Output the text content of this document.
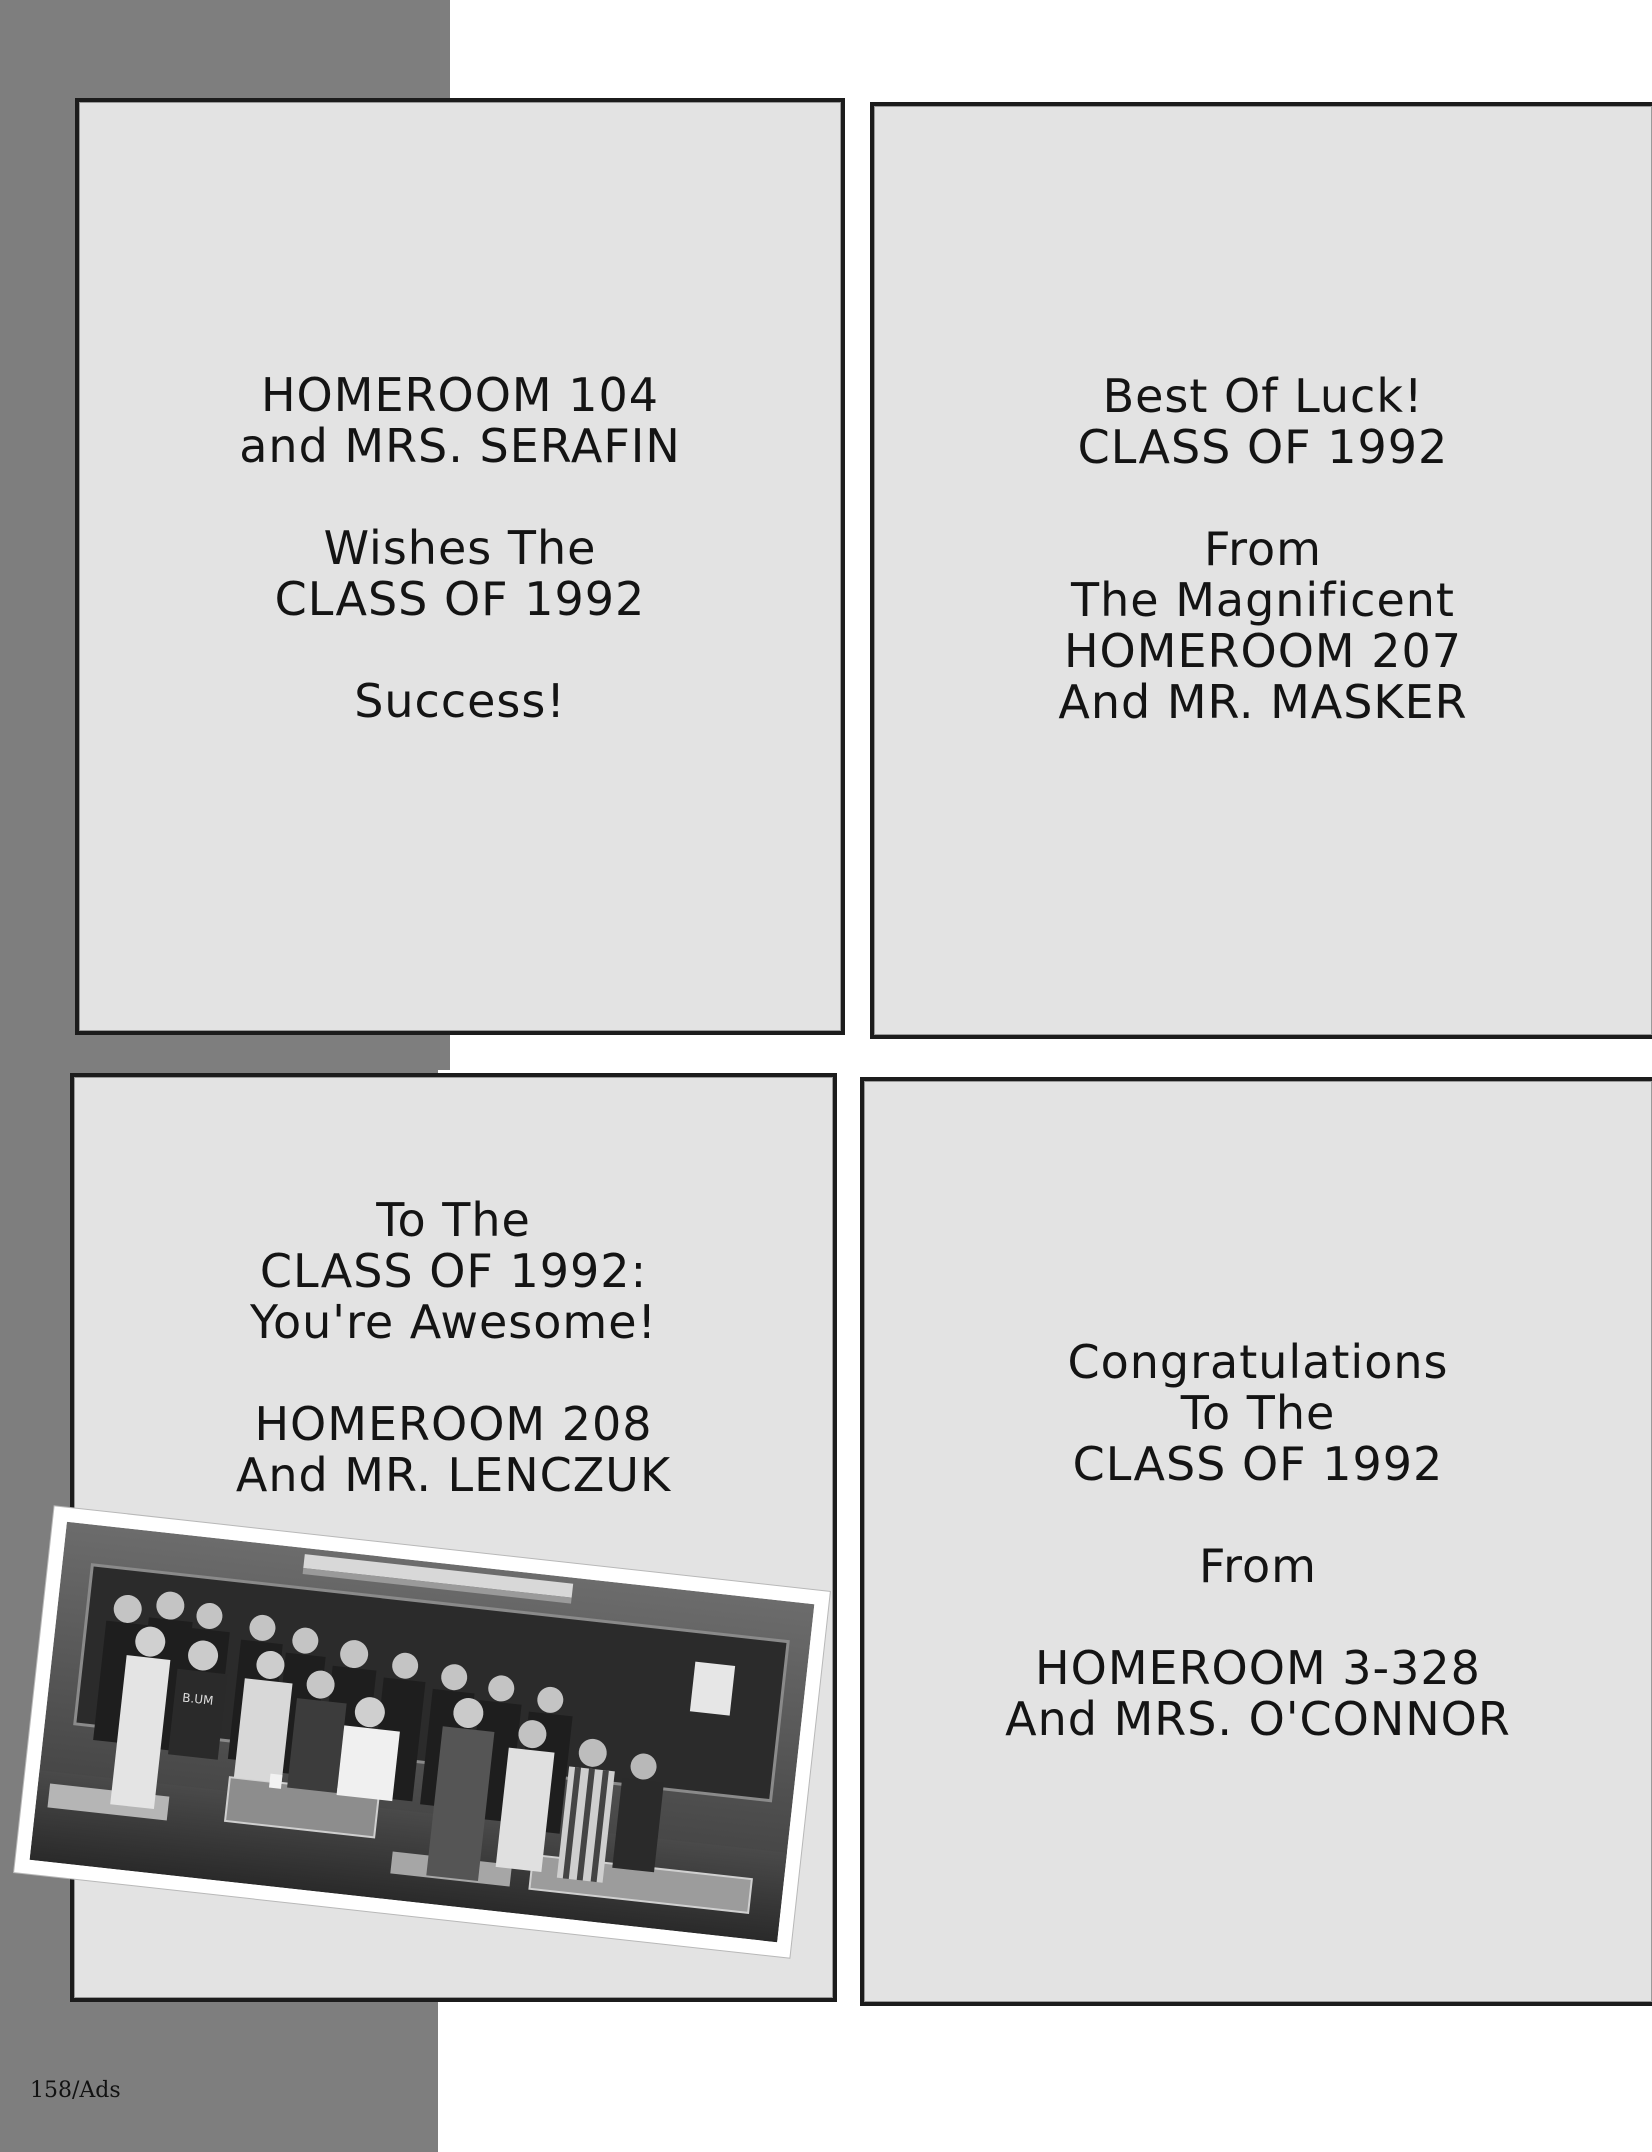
HOMEROOM 104
and MRS. SERAFIN
Wishes The
CLASS OF 1992
Success!
Best Of Luck!
CLASS OF 1992
From
The Magnificent
HOMEROOM 207
And MR. MASKER
To The
CLASS OF 1992:
You're Awesome!
HOMEROOM 208
And MR. LENCZUK
Congratulations
To The
CLASS OF 1992
From
HOMEROOM 3-328
And MRS. O'CONNOR
B.UM
158/Ads
